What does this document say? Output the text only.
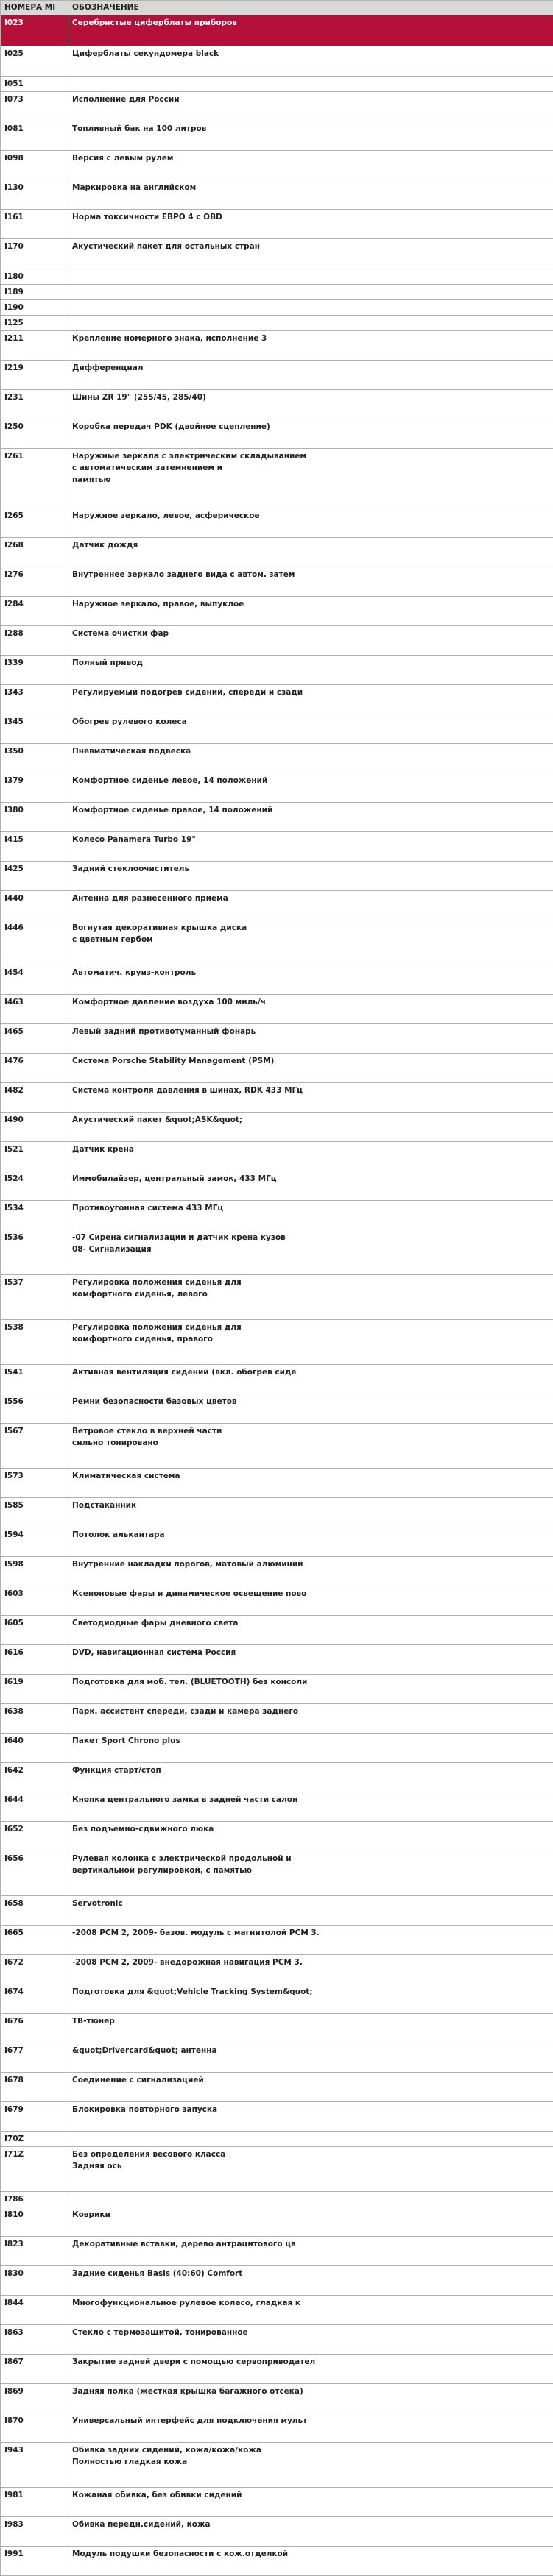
НОМЕРА МІ	ОБОЗНАЧЕНИЕ
I023	Серебристые циферблаты приборов
I025	Циферблаты секундомера black
I051	
I073	Исполнение для России
I081	Топливный бак на 100 литров
I098	Версия с левым рулем
I130	Маркировка на английском
I161	Норма токсичности ЕВРО 4 с OBD
I170	Акустический пакет для остальных стран
I180	
I189	
I190	
I125	
I211	Крепление номерного знака, исполнение 3
I219	Дифференциал
I231	Шины ZR 19" (255/45, 285/40)
I250	Коробка передач PDK (двойное сцепление)
I261	Наружные зеркала с электрическим складыванием
с автоматическим затемнением и
памятью
I265	Наружное зеркало, левое, асферическое
I268	Датчик дождя
I276	Внутреннее зеркало заднего вида с автом. затем
I284	Наружное зеркало, правое, выпуклое
I288	Система очистки фар
I339	Полный привод
I343	Регулируемый подогрев сидений, спереди и сзади
I345	Обогрев рулевого колеса
I350	Пневматическая подвеска
I379	Комфортное сиденье левое, 14 положений
I380	Комфортное сиденье правое, 14 положений
I415	Колесо Panamera Turbo 19"
I425	Задний стеклоочиститель
I440	Антенна для разнесенного приема
I446	Вогнутая декоративная крышка диска
с цветным гербом
I454	Автоматич. круиз-контроль
I463	Комфортное давление воздуха 100 миль/ч
I465	Левый задний противотуманный фонарь
I476	Система Porsche Stability Management (PSM)
I482	Система контроля давления в шинах, RDK 433 МГц
I490	Акустический пакет &quot;ASK&quot;
I521	Датчик крена
I524	Иммобилайзер, центральный замок, 433 МГц
I534	Противоугонная система 433 МГц
I536	-07 Сирена сигнализации и датчик крена кузов
08- Сигнализация
I537	Регулировка положения сиденья для
комфортного сиденья, левого
I538	Регулировка положения сиденья для
комфортного сиденья, правого
I541	Активная вентиляция сидений (вкл. обогрев сиде
I556	Ремни безопасности базовых цветов
I567	Ветровое стекло в верхней части
сильно тонировано
I573	Климатическая система
I585	Подстаканник
I594	Потолок алькантара
I598	Внутренние накладки порогов, матовый алюминий
I603	Ксеноновые фары и динамическое освещение пово
I605	Светодиодные фары дневного света
I616	DVD, навигационная система Россия
I619	Подготовка для моб. тел. (BLUETOOTH) без консоли
I638	Парк. ассистент спереди, сзади и камера заднего
I640	Пакет Sport Chrono plus
I642	Функция старт/стоп
I644	Кнопка центрального замка в задней части салон
I652	Без подъемно-сдвижного люка
I656	Рулевая колонка с электрической продольной и
вертикальной регулировкой, с памятью
I658	Servotronic
I665	-2008 PCM 2, 2009- базов. модуль с магнитолой PCM 3.
I672	-2008 PCM 2, 2009- внедорожная навигация PCM 3.
I674	Подготовка для &quot;Vehicle Tracking System&quot;
I676	ТВ-тюнер
I677	&quot;Drivercard&quot; антенна
I678	Соединение с сигнализацией
I679	Блокировка повторного запуска
I70Z	
I71Z	Без определения весового класса
Задняя ось
I786	
I810	Коврики
I823	Декоративные вставки, дерево антрацитового цв
I830	Задние сиденья Basis (40:60) Comfort
I844	Многофункциональное рулевое колесо, гладкая к
I863	Стекло с термозащитой, тонированное
I867	Закрытие задней двери с помощью сервоприводател
I869	Задняя полка (жесткая крышка багажного отсека)
I870	Универсальный интерфейс для подключения мульт
I943	Обивка задних сидений, кожа/кожа/кожа
Полностью гладкая кожа
I981	Кожаная обивка, без обивки сидений
I983	Обивка передн.сидений, кожа
I991	Модуль подушки безопасности с кож.отделкой
